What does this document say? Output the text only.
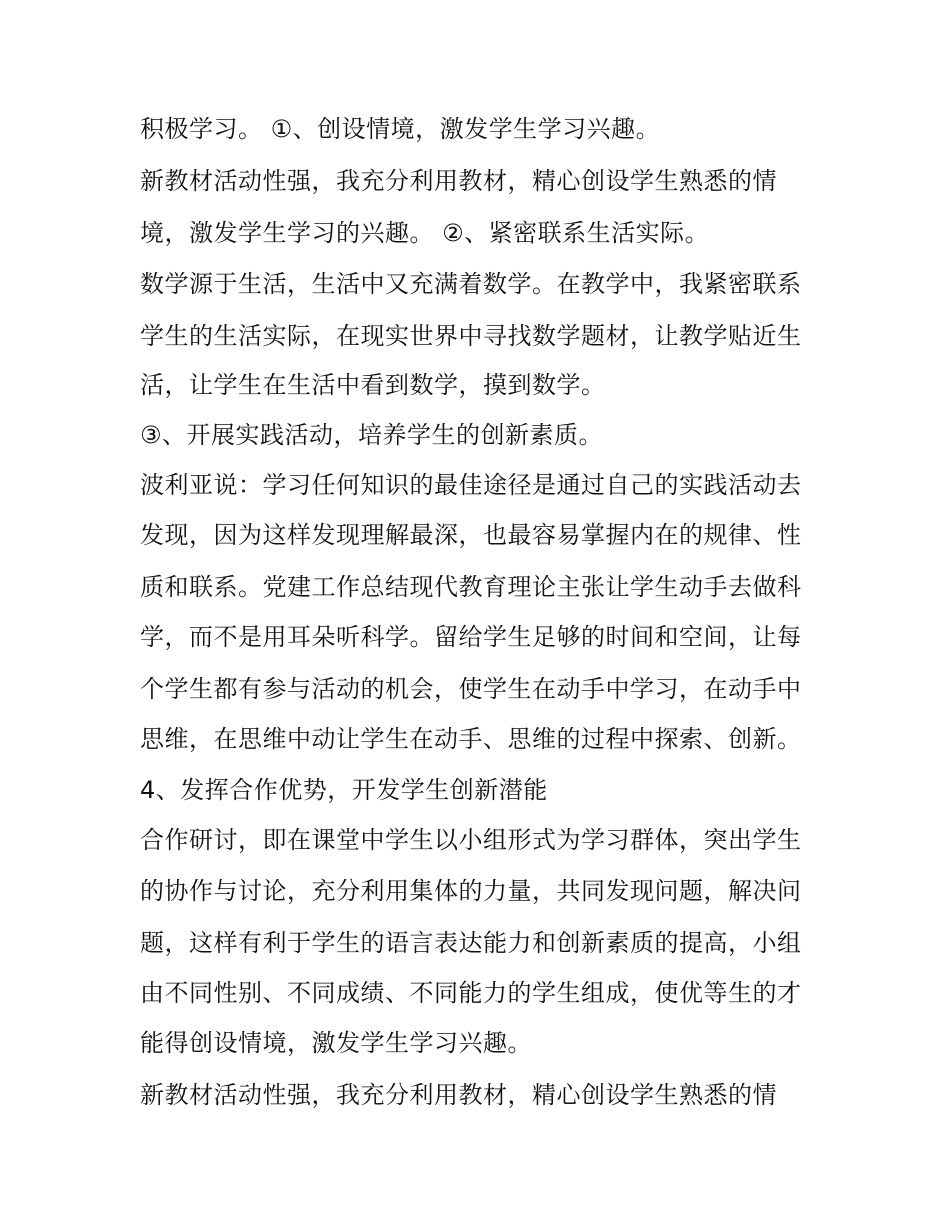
积极学习。 ①、创设情境，激发学生学习兴趣。
新教材活动性强，我充分利用教材，精心创设学生熟悉的情
境，激发学生学习的兴趣。 ②、紧密联系生活实际。
数学源于生活，生活中又充满着数学。在教学中，我紧密联系
学生的生活实际，在现实世界中寻找数学题材，让教学贴近生
活，让学生在生活中看到数学，摸到数学。
③、开展实践活动，培养学生的创新素质。
波利亚说：学习任何知识的最佳途径是通过自己的实践活动去
发现，因为这样发现理解最深，也最容易掌握内在的规律、性
质和联系。党建工作总结现代教育理论主张让学生动手去做科
学，而不是用耳朵听科学。留给学生足够的时间和空间，让每
个学生都有参与活动的机会，使学生在动手中学习，在动手中
思维，在思维中动让学生在动手、思维的过程中探索、创新。
4、发挥合作优势，开发学生创新潜能
合作研讨，即在课堂中学生以小组形式为学习群体，突出学生
的协作与讨论，充分利用集体的力量，共同发现问题，解决问
题，这样有利于学生的语言表达能力和创新素质的提高，小组
由不同性别、不同成绩、不同能力的学生组成，使优等生的才
能得创设情境，激发学生学习兴趣。
新教材活动性强，我充分利用教材，精心创设学生熟悉的情
